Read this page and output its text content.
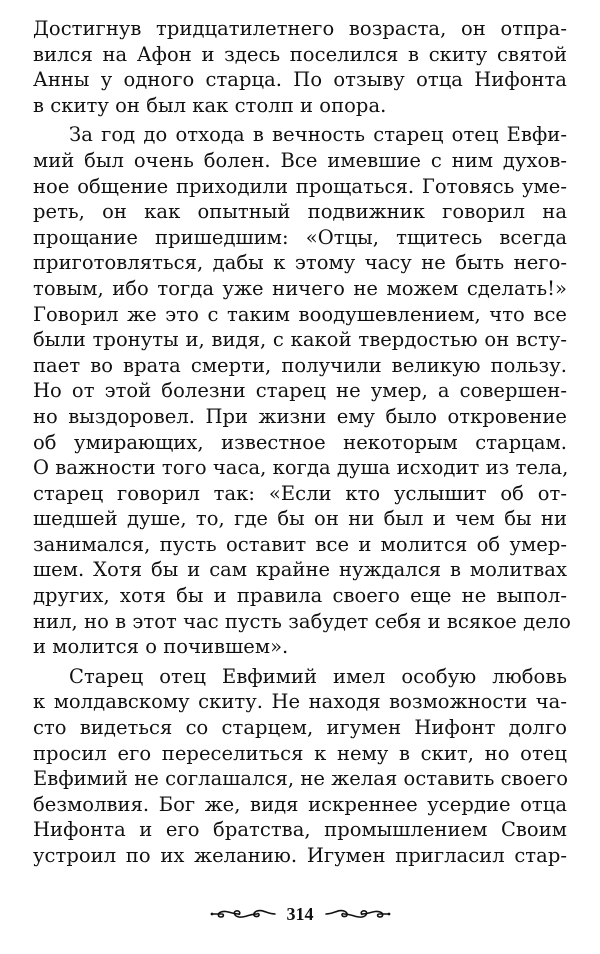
Достигнув тридцатилетнего возраста, он отпра-
вился на Афон и здесь поселился в скиту святой
Анны у одного старца. По отзыву отца Нифонта
в скиту он был как столп и опора.
За год до отхода в вечность старец отец Евфи-
мий был очень болен. Все имевшие с ним духов-
ное общение приходили прощаться. Готовясь уме-
реть, он как опытный подвижник говорил на
прощание пришедшим: «Отцы, тщитесь всегда
приготовляться, дабы к этому часу не быть него-
товым, ибо тогда уже ничего не можем сделать!»
Говорил же это с таким воодушевлением, что все
были тронуты и, видя, с какой твердостью он всту-
пает во врата смерти, получили великую пользу.
Но от этой болезни старец не умер, а совершен-
но выздоровел. При жизни ему было откровение
об умирающих, известное некоторым старцам.
О важности того часа, когда душа исходит из тела,
старец говорил так: «Если кто услышит об от-
шедшей душе, то, где бы он ни был и чем бы ни
занимался, пусть оставит все и молится об умер-
шем. Хотя бы и сам крайне нуждался в молитвах
других, хотя бы и правила своего еще не выпол-
нил, но в этот час пусть забудет себя и всякое дело
и молится о почившем».
Старец отец Евфимий имел особую любовь
к молдавскому скиту. Не находя возможности ча-
сто видеться со старцем, игумен Нифонт долго
просил его переселиться к нему в скит, но отец
Евфимий не соглашался, не желая оставить своего
безмолвия. Бог же, видя искреннее усердие отца
Нифонта и его братства, промышлением Своим
устроил по их желанию. Игумен пригласил стар-
314
